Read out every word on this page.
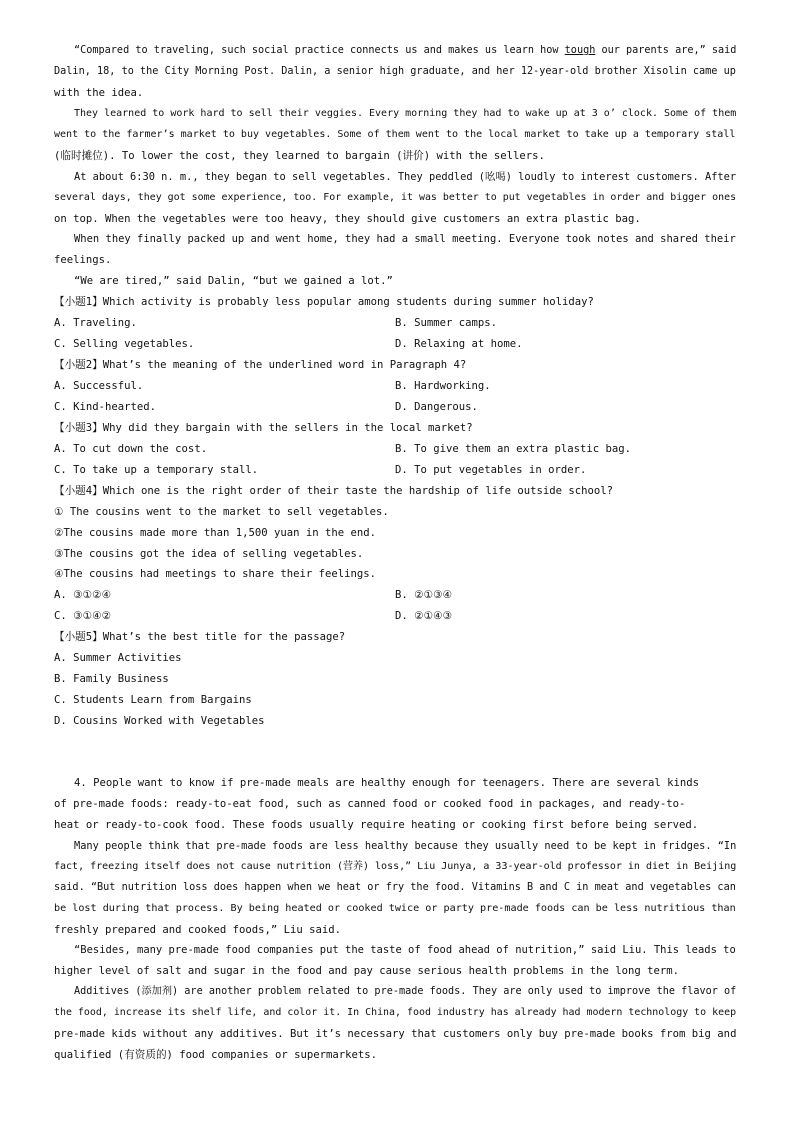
“Compared to traveling, such social practice connects us and makes us learn how tough our parents are,” said
Dalin, 18, to the City Morning Post. Dalin, a senior high graduate, and her 12-year-old brother Xisolin came up
with the idea.
They learned to work hard to sell their veggies. Every morning they had to wake up at 3 o’ clock. Some of them
went to the farmer’s market to buy vegetables. Some of them went to the local market to take up a temporary stall
(临时摊位). To lower the cost, they learned to bargain (讲价) with the sellers.
At about 6:30 n. m., they began to sell vegetables. They peddled (吆喝) loudly to interest customers. After
several days, they got some experience, too. For example, it was better to put vegetables in order and bigger ones
on top. When the vegetables were too heavy, they should give customers an extra plastic bag.
When they finally packed up and went home, they had a small meeting. Everyone took notes and shared their
feelings.
“We are tired,” said Dalin, “but we gained a lot.”
【小题1】Which activity is probably less popular among students during summer holiday?
A. Traveling.	B. Summer camps.
C. Selling vegetables.	D. Relaxing at home.
【小题2】What’s the meaning of the underlined word in Paragraph 4?
A. Successful.	B. Hardworking.
C. Kind-hearted.	D. Dangerous.
【小题3】Why did they bargain with the sellers in the local market?
A. To cut down the cost.	B. To give them an extra plastic bag.
C. To take up a temporary stall.	D. To put vegetables in order.
【小题4】Which one is the right order of their taste the hardship of life outside school?
① The cousins went to the market to sell vegetables.
②The cousins made more than 1,500 yuan in the end.
③The cousins got the idea of selling vegetables.
④The cousins had meetings to share their feelings.
A. ③①②④	B. ②①③④
C. ③①④②	D. ②①④③
【小题5】What’s the best title for the passage?
A. Summer Activities
B. Family Business
C. Students Learn from Bargains
D. Cousins Worked with Vegetables
4. People want to know if pre-made meals are healthy enough for teenagers. There are several kinds
of pre-made foods: ready-to-eat food, such as canned food or cooked food in packages, and ready-to-
heat or ready-to-cook food. These foods usually require heating or cooking first before being served.
Many people think that pre-made foods are less healthy because they usually need to be kept in fridges. “In
fact, freezing itself does not cause nutrition (营养) loss,” Liu Junya, a 33-year-old professor in diet in Beijing
said. “But nutrition loss does happen when we heat or fry the food. Vitamins B and C in meat and vegetables can
be lost during that process. By being heated or cooked twice or party pre-made foods can be less nutritious than
freshly prepared and cooked foods,” Liu said.
“Besides, many pre-made food companies put the taste of food ahead of nutrition,” said Liu. This leads to
higher level of salt and sugar in the food and pay cause serious health problems in the long term.
Additives (添加剂) are another problem related to pre-made foods. They are only used to improve the flavor of
the food, increase its shelf life, and color it. In China, food industry has already had modern technology to keep
pre-made kids without any additives. But it’s necessary that customers only buy pre-made books from big and
qualified (有资质的) food companies or supermarkets.
